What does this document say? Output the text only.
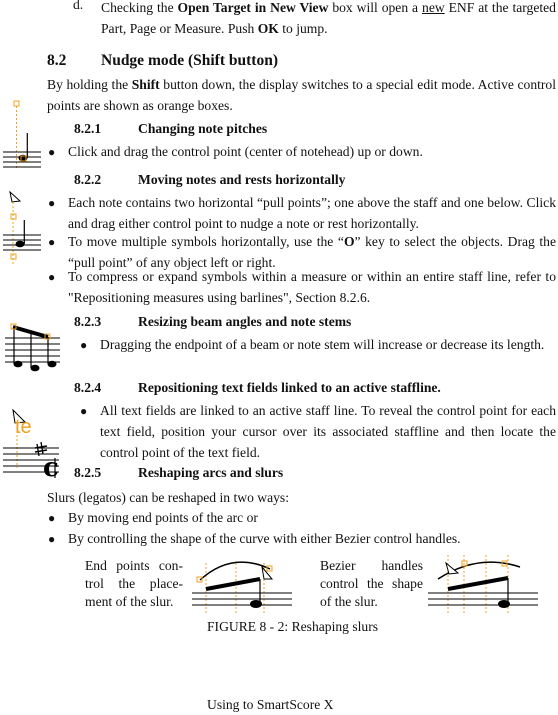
d. Checking the Open Target in New View box will open a new ENF at the targeted Part, Page or Measure. Push OK to jump.
8.2 Nudge mode (Shift button)
By holding the Shift button down, the display switches to a special edit mode. Active control points are shown as orange boxes.
8.2.1	Changing note pitches
● Click and drag the control point (center of notehead) up or down.
8.2.2	Moving notes and rests horizontally
● Each note contains two horizontal “pull points”; one above the staff and one below. Click and drag either control point to nudge a note or rest horizontally.
● To move multiple symbols horizontally, use the “O” key to select the objects. Drag the “pull point” of any object left or right.
● To compress or expand symbols within a measure or within an entire staff line, refer to "Repositioning measures using barlines", Section 8.2.6.
8.2.3	Resizing beam angles and note stems
● Dragging the endpoint of a beam or note stem will increase or decrease its length.
c
te
8.2.4	Repositioning text fields linked to an active staffline.
● All text fields are linked to an active staff line. To reveal the control point for each text field, position your cursor over its associated staffline and then locate the control point of the text field.
8.2.5	Reshaping arcs and slurs
Slurs (legatos) can be reshaped in two ways:
● By moving end points of the arc or
● By controlling the shape of the curve with either Bezier control handles.
End points con- trol the place- ment of the slur.
Bezier handles control the shape of the slur.
FIGURE 8 - 2: Reshaping slurs
Using to SmartScore X
